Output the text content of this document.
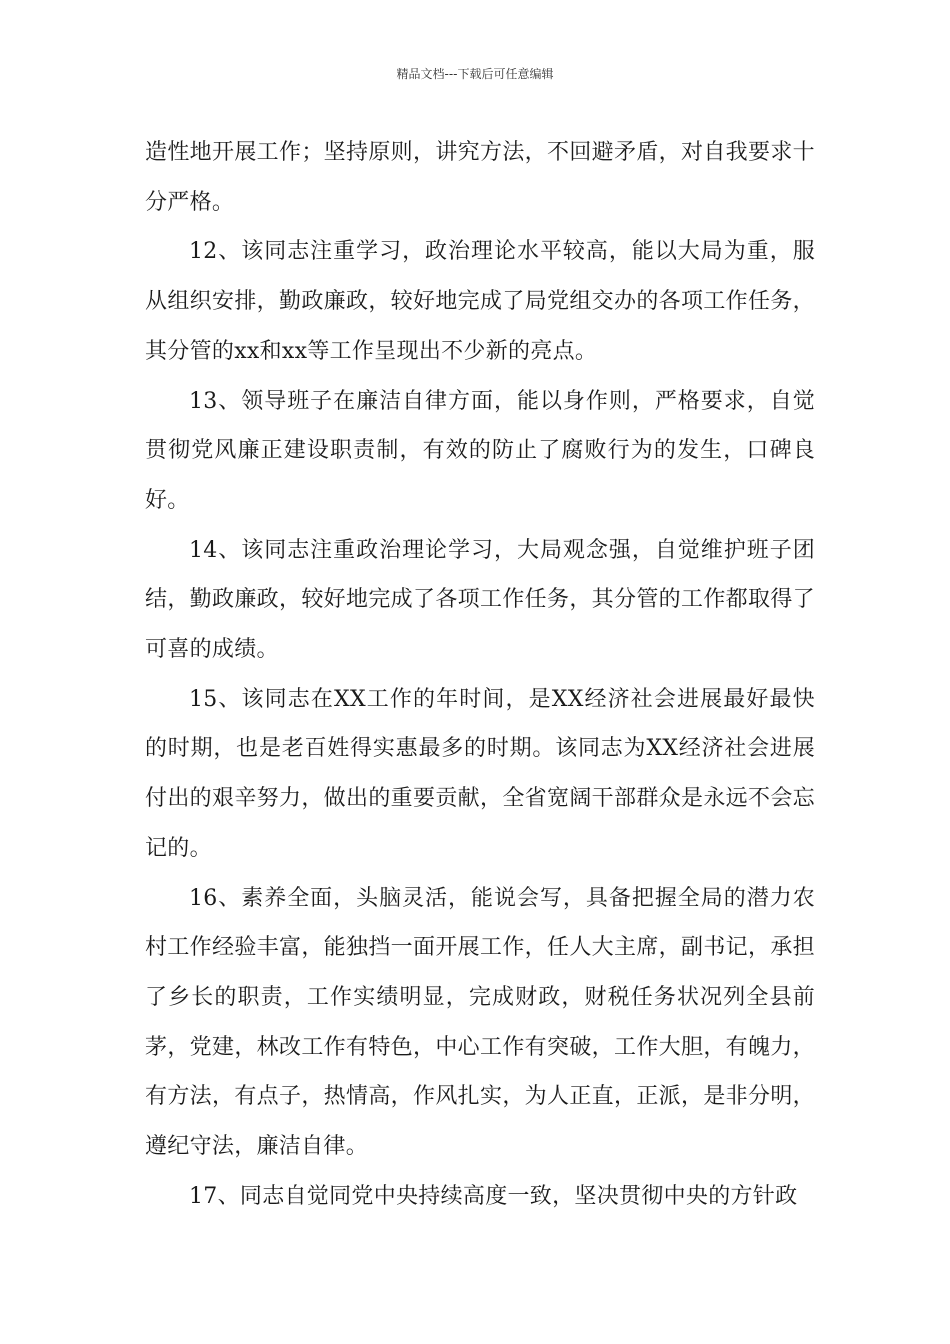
精品文档---下载后可任意编辑

造性地开展工作；坚持原则，讲究方法，不回避矛盾，对自我要求十分严格。

12、该同志注重学习，政治理论水平较高，能以大局为重，服从组织安排，勤政廉政，较好地完成了局党组交办的各项工作任务，其分管的xx和xx等工作呈现出不少新的亮点。

13、领导班子在廉洁自律方面，能以身作则，严格要求，自觉贯彻党风廉正建设职责制，有效的防止了腐败行为的发生，口碑良好。

14、该同志注重政治理论学习，大局观念强，自觉维护班子团结，勤政廉政，较好地完成了各项工作任务，其分管的工作都取得了可喜的成绩。

15、该同志在XX工作的年时间，是XX经济社会进展最好最快的时期，也是老百姓得实惠最多的时期。该同志为XX经济社会进展付出的艰辛努力，做出的重要贡献，全省宽阔干部群众是永远不会忘记的。

16、素养全面，头脑灵活，能说会写，具备把握全局的潜力农村工作经验丰富，能独挡一面开展工作，任人大主席，副书记，承担了乡长的职责，工作实绩明显，完成财政，财税任务状况列全县前茅，党建，林改工作有特色，中心工作有突破，工作大胆，有魄力，有方法，有点子，热情高，作风扎实，为人正直，正派，是非分明，遵纪守法，廉洁自律。

17、同志自觉同党中央持续高度一致，坚决贯彻中央的方针政
